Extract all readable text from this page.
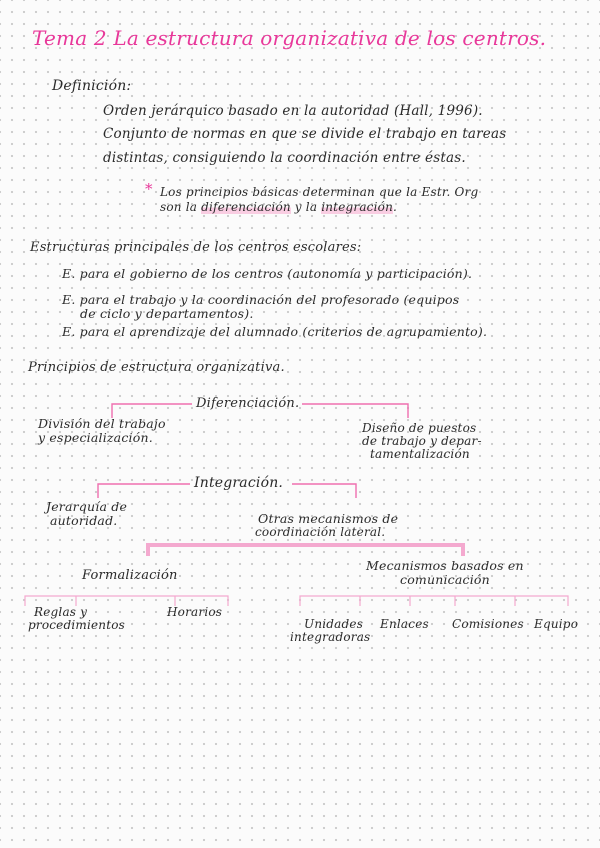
Tema 2 La estructura organizativa de los centros.
Definición:
Orden jerárquico basado en la autoridad (Hall, 1996).
Conjunto de normas en que se divide el trabajo en tareas
distintas, consiguiendo la coordinación entre éstas.
* Los principios básicas determinan que la Estr. Org
son la diferenciación y la integración.
Estructuras principales de los centros escolares:
E. para el gobierno de los centros (autonomía y participación).
E. para el trabajo y la coordinación del profesorado (equipos
de ciclo y departamentos).
E. para el aprendizaje del alumnado (criterios de agrupamiento).
Principios de estructura organizativa.
Diferenciación.
División del trabajo
y especialización.
Diseño de puestos
de trabajo y depar-
tamentalización
Integración.
Jerarquía de
autoridad.	Otras mecanismos de
coordinación lateral.
Formalización
Mecanismos basados en
comunicación
Reglas y
procedimientos
Horarios
Unidades
integradoras
Enlaces Comisiones Equipo
